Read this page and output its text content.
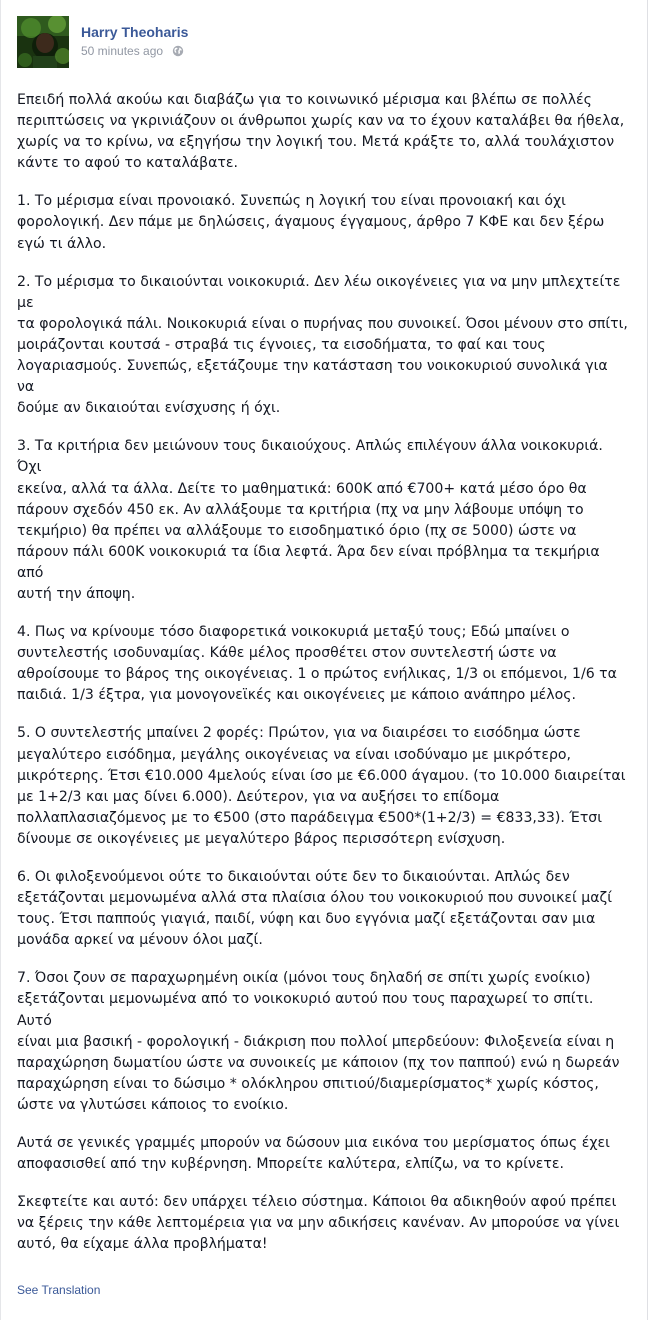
Harry Theoharis
50 minutes ago

Επειδή πολλά ακούω και διαβάζω για το κοινωνικό μέρισμα και βλέπω σε πολλές
περιπτώσεις να γκρινιάζουν οι άνθρωποι χωρίς καν να το έχουν καταλάβει θα ήθελα,
χωρίς να το κρίνω, να εξηγήσω την λογική του. Μετά κράξτε το, αλλά τουλάχιστον
κάντε το αφού το καταλάβατε.

1. Το μέρισμα είναι προνοιακό. Συνεπώς η λογική του είναι προνοιακή και όχι
φορολογική. Δεν πάμε με δηλώσεις, άγαμους έγγαμους, άρθρο 7 ΚΦΕ και δεν ξέρω
εγώ τι άλλο.

2. Το μέρισμα το δικαιούνται νοικοκυριά. Δεν λέω οικογένειες για να μην μπλεχτείτε με
τα φορολογικά πάλι. Νοικοκυριά είναι ο πυρήνας που συνοικεί. Όσοι μένουν στο σπίτι,
μοιράζονται κουτσά - στραβά τις έγνοιες, τα εισοδήματα, το φαί και τους
λογαριασμούς. Συνεπώς, εξετάζουμε την κατάσταση του νοικοκυριού συνολικά για να
δούμε αν δικαιούται ενίσχυσης ή όχι.

3. Τα κριτήρια δεν μειώνουν τους δικαιούχους. Απλώς επιλέγουν άλλα νοικοκυριά. Όχι
εκείνα, αλλά τα άλλα. Δείτε το μαθηματικά: 600Κ από €700+ κατά μέσο όρο θα
πάρουν σχεδόν 450 εκ. Αν αλλάξουμε τα κριτήρια (πχ να μην λάβουμε υπόψη το
τεκμήριο) θα πρέπει να αλλάξουμε το εισοδηματικό όριο (πχ σε 5000) ώστε να
πάρουν πάλι 600Κ νοικοκυριά τα ίδια λεφτά. Άρα δεν είναι πρόβλημα τα τεκμήρια από
αυτή την άποψη.

4. Πως να κρίνουμε τόσο διαφορετικά νοικοκυριά μεταξύ τους; Εδώ μπαίνει ο
συντελεστής ισοδυναμίας. Κάθε μέλος προσθέτει στον συντελεστή ώστε να
αθροίσουμε το βάρος της οικογένειας. 1 ο πρώτος ενήλικας, 1/3 οι επόμενοι, 1/6 τα
παιδιά. 1/3 έξτρα, για μονογονεϊκές και οικογένειες με κάποιο ανάπηρο μέλος.

5. Ο συντελεστής μπαίνει 2 φορές: Πρώτον, για να διαιρέσει το εισόδημα ώστε
μεγαλύτερο εισόδημα, μεγάλης οικογένειας να είναι ισοδύναμο με μικρότερο,
μικρότερης. Έτσι €10.000 4μελούς είναι ίσο με €6.000 άγαμου. (το 10.000 διαιρείται
με 1+2/3 και μας δίνει 6.000). Δεύτερον, για να αυξήσει το επίδομα
πολλαπλασιαζόμενος με το €500 (στο παράδειγμα €500*(1+2/3) = €833,33). Έτσι
δίνουμε σε οικογένειες με μεγαλύτερο βάρος περισσότερη ενίσχυση.

6. Οι φιλοξενούμενοι ούτε το δικαιούνται ούτε δεν το δικαιούνται. Απλώς δεν
εξετάζονται μεμονωμένα αλλά στα πλαίσια όλου του νοικοκυριού που συνοικεί μαζί
τους. Έτσι παππούς γιαγιά, παιδί, νύφη και δυο εγγόνια μαζί εξετάζονται σαν μια
μονάδα αρκεί να μένουν όλοι μαζί.

7. Όσοι ζουν σε παραχωρημένη οικία (μόνοι τους δηλαδή σε σπίτι χωρίς ενοίκιο)
εξετάζονται μεμονωμένα από το νοικοκυριό αυτού που τους παραχωρεί το σπίτι. Αυτό
είναι μια βασική - φορολογική - διάκριση που πολλοί μπερδεύουν: Φιλοξενεία είναι η
παραχώρηση δωματίου ώστε να συνοικείς με κάποιον (πχ τον παππού) ενώ η δωρεάν
παραχώρηση είναι το δώσιμο * ολόκληρου σπιτιού/διαμερίσματος* χωρίς κόστος,
ώστε να γλυτώσει κάποιος το ενοίκιο.

Αυτά σε γενικές γραμμές μπορούν να δώσουν μια εικόνα του μερίσματος όπως έχει
αποφασισθεί από την κυβέρνηση. Μπορείτε καλύτερα, ελπίζω, να το κρίνετε.

Σκεφτείτε και αυτό: δεν υπάρχει τέλειο σύστημα. Κάποιοι θα αδικηθούν αφού πρέπει
να ξέρεις την κάθε λεπτομέρεια για να μην αδικήσεις κανέναν. Αν μπορούσε να γίνει
αυτό, θα είχαμε άλλα προβλήματα!

See Translation
